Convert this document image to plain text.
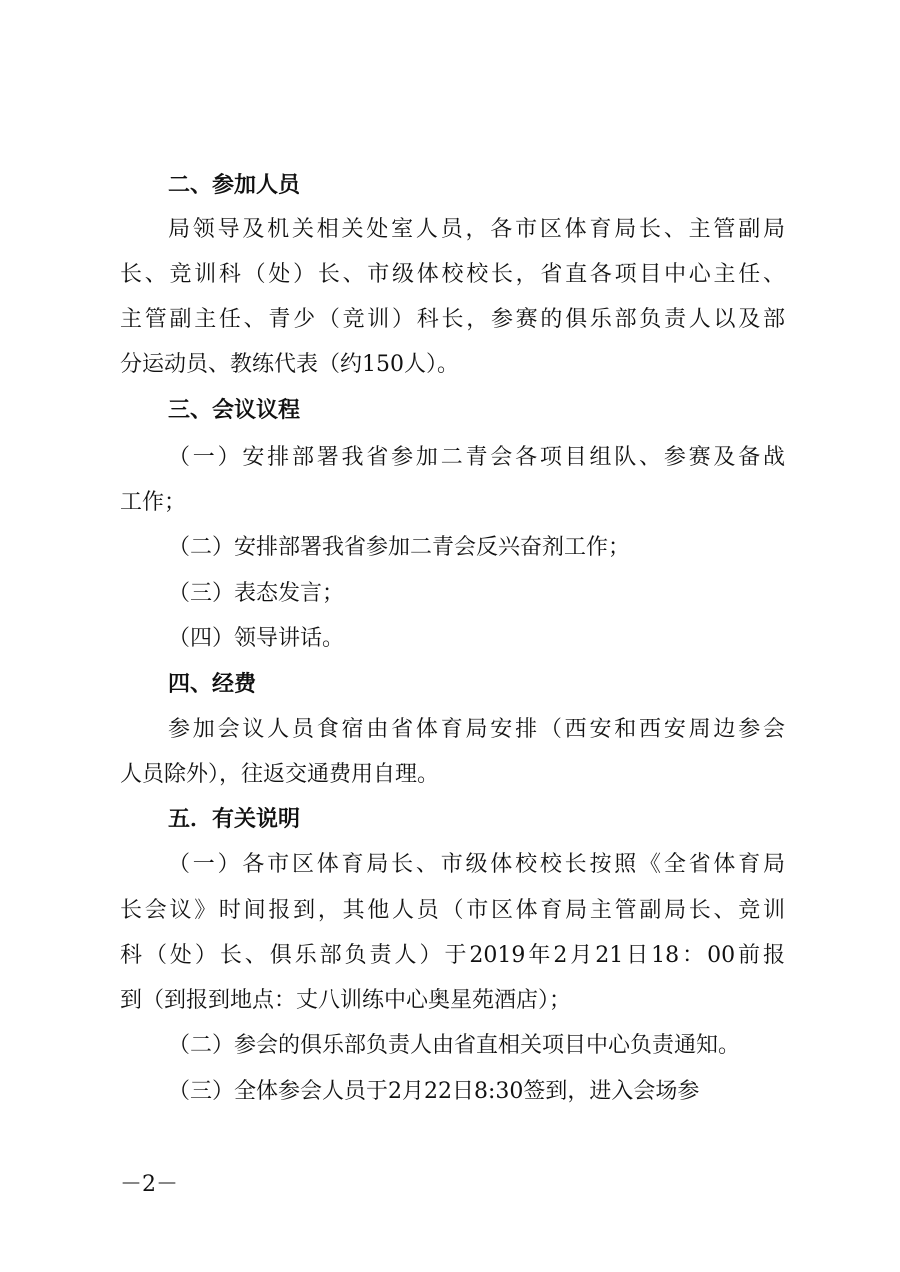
二、参加人员
局领导及机关相关处室人员，各市区体育局长、主管副局
长、竞训科（处）长、市级体校校长，省直各项目中心主任、
主管副主任、青少（竞训）科长，参赛的俱乐部负责人以及部
分运动员、教练代表（约150人）。
三、会议议程
（一）安排部署我省参加二青会各项目组队、参赛及备战
工作；
（二）安排部署我省参加二青会反兴奋剂工作；
（三）表态发言；
（四）领导讲话。
四、经费
参加会议人员食宿由省体育局安排（西安和西安周边参会
人员除外），往返交通费用自理。
五．有关说明
（一）各市区体育局长、市级体校校长按照《全省体育局
长会议》时间报到，其他人员（市区体育局主管副局长、竞训
科（处）长、俱乐部负责人）于2019年2月21日18：00前报
到（到报到地点：丈八训练中心奥星苑酒店）；
（二）参会的俱乐部负责人由省直相关项目中心负责通知。
（三）全体参会人员于2月22日8:30签到，进入会场参
－2－
